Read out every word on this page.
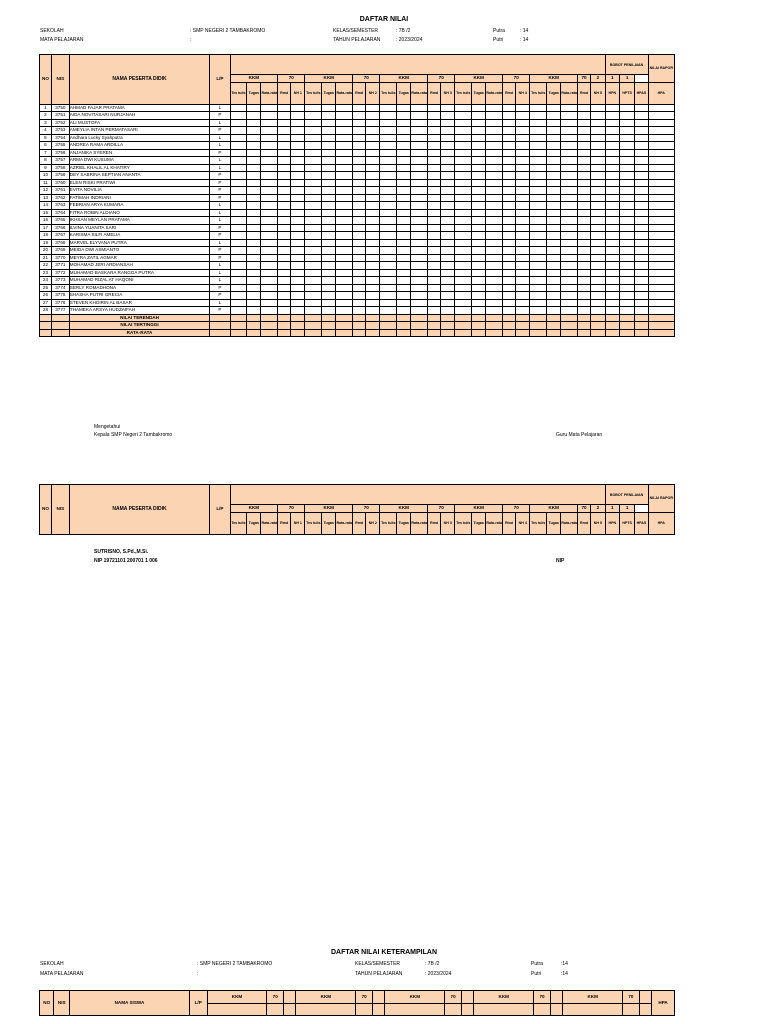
DAFTAR NILAI
SEKOLAH	: SMP NEGERI 2 TAMBAKROMO
MATA PELAJARAN	:
KELAS/SEMESTER	: 7B /2
TAHUN PELAJARAN	: 2023/2024
Putra	: 14
Putri	: 14
NO	NIS	NAMA PESERTA DIDIK	L/P																										BOBOT PENILAIAN			NILAI RAPOR
				KKM			70		KKM			70		KKM			70		KKM			70		KKM			70	2	1	1		
				Tes tulis	Tugas	Rata-rata	Rmd	NH 1	Tes tulis	Tugas	Rata-rata	Rmd	NH 2	Tes tulis	Tugas	Rata-rata	Rmd	NH 3	Tes tulis	Tugas	Rata-rata	Rmd	NH 4	Tes tulis	Tugas	Rata-rata	Rmd	NH 5	HPN	HPTS	HPAS	HPA
1	3750	AHMAD FAJAR PRATAMA	L																													
2	3751	AIDA NOVITASARI NURJANAH	P																													
3	3752	ALI MUSTOFA	L																													
4	3753	AMEYLIA INTAN PERMATASARI	P																													
5	3754	Andhara Lucky Syahputra	L																													
6	3755	ANDREA RAMA ARDILLA	L																													
7	3756	ANJANIKA SYEREN	P																													
8	3757	ARMA DWI KUSUMA	L																													
9	3758	AZRIEL KHALIL AL KHATIRY	L																													
10	3759	DEY SABRINA SEPTIAN ANANTA	P																													
11	3760	ELEN RISKI PRATIWI	P																													
12	3761	EVITA NOVILIA	P																													
13	3762	FATIMAH INDRIANI	P																													
14	3763	FEBRIAN ARYA KUMARA	L																													
15	3764	FITRA ROBIN ALDIANO	L																													
16	3765	IKHSAN MEYLAN PRATAMA	L																													
17	3766	ILVINA YUANITA SARI	P																													
18	3767	KARISMA SILFI AMELIA	P																													
19	3768	MARVEL ELYVANA PUTRA	L																													
20	3769	MEIDA DWI ASMIANTO	P																													
21	3770	MEYRA ZATIL AGMAR	P																													
22	3771	MOHAMAD JERI ARDIANSAH	L																													
23	3772	MUHAMAD BASKARA RANGGA PUTRA	L																													
24	3773	MUHAMAD RIZAL AT HAQONI	L																													
25	3774	SERLY ROMADHONA	P																													
26	3775	SHASHA PUTRI GRECIA	P																													
27	3776	STEVEN KHOIRIN AL BASAR	L																													
28	3777	THAMEKA ARSYA HUDZAIFAH	P																													
		NILAI TERENDAH																														
		NILAI TERTINGGI																														
		RATA-RATA																														
Mengetahui
Kepala SMP Negeri 2 Tambakromo	Guru Mata Pelajaran
NO	NIS	NAMA PESERTA DIDIK	L/P																										BOBOT PENILAIAN			NILAI RAPOR
				KKM			70		KKM			70		KKM			70		KKM			70		KKM			70	2	1	1		
				Tes tulis	Tugas	Rata-rata	Rmd	NH 1	Tes tulis	Tugas	Rata-rata	Rmd	NH 2	Tes tulis	Tugas	Rata-rata	Rmd	NH 3	Tes tulis	Tugas	Rata-rata	Rmd	NH 4	Tes tulis	Tugas	Rata-rata	Rmd	NH 5	HPN	HPTS	HPAS	HPA
SUTRISNO, S.Pd.,M.Si.
NIP 19721101 200701 1 006	NIP
DAFTAR NILAI KETERAMPILAN
SEKOLAH	: SMP NEGERI 2 TAMBAKROMO
MATA PELAJARAN	:
KELAS/SEMESTER	: 7B /2
TAHUN PELAJARAN	: 2023/2024
Putra	:14
Putri	:14
NO	NIS	NAMA SISWA	L/P	KKM	70		KKM	70		KKM	70		KKM	70		KKM	70		HPA
